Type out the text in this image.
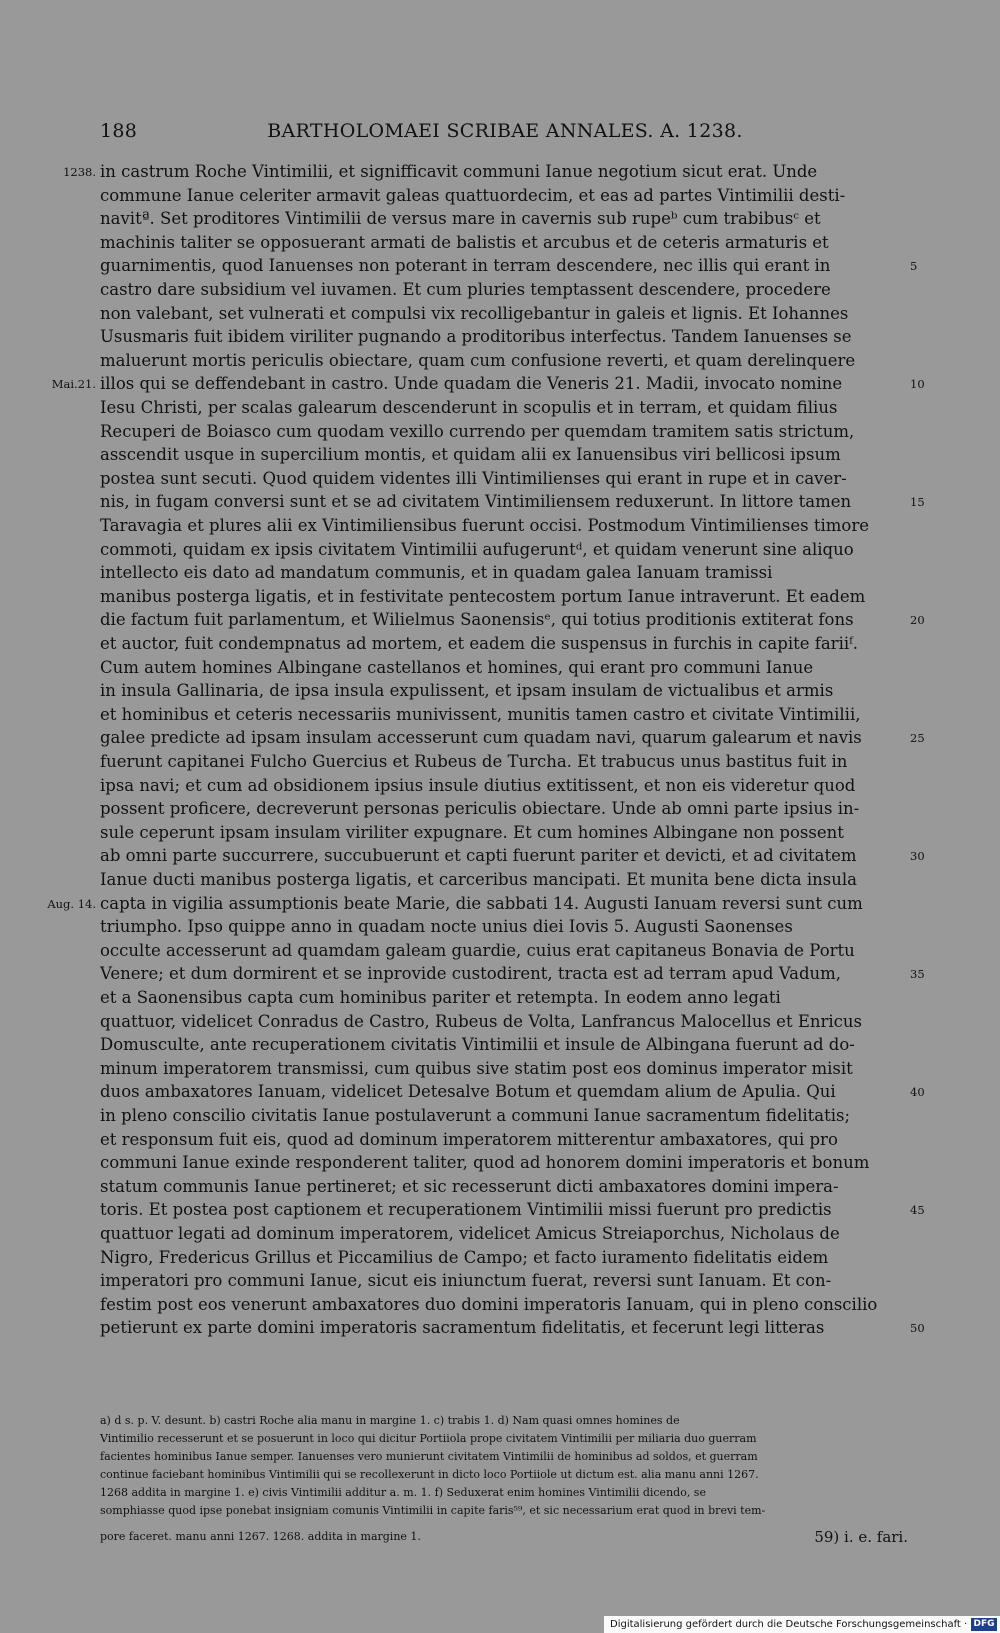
188	BARTHOLOMAEI SCRIBAE ANNALES. A. 1238.
in castrum Roche Vintimilii, et signifficavit communi Ianue negotium sicut erat. Unde
commune Ianue celeriter armavit galeas quattuordecim, et eas ad partes Vintimilii desti-
navitª. Set proditores Vintimilii de versus mare in cavernis sub rupeᵇ cum trabibusᶜ et
machinis taliter se opposuerant armati de balistis et arcubus et de ceteris armaturis et
guarnimentis, quod Ianuenses non poterant in terram descendere, nec illis qui erant in
castro dare subsidium vel iuvamen. Et cum pluries temptassent descendere, procedere
non valebant, set vulnerati et compulsi vix recolligebantur in galeis et lignis. Et Iohannes
Ususmaris fuit ibidem viriliter pugnando a proditoribus interfectus. Tandem Ianuenses se
maluerunt mortis periculis obiectare, quam cum confusione reverti, et quam derelinquere
illos qui se deffendebant in castro. Unde quadam die Veneris 21. Madii, invocato nomine
Iesu Christi, per scalas galearum descenderunt in scopulis et in terram, et quidam filius
Recuperi de Boiasco cum quodam vexillo currendo per quemdam tramitem satis strictum,
asscendit usque in supercilium montis, et quidam alii ex Ianuensibus viri bellicosi ipsum
postea sunt secuti. Quod quidem videntes illi Vintimilienses qui erant in rupe et in caver-
nis, in fugam conversi sunt et se ad civitatem Vintimiliensem reduxerunt. In littore tamen
Taravagia et plures alii ex Vintimiliensibus fuerunt occisi. Postmodum Vintimilienses timore
commoti, quidam ex ipsis civitatem Vintimilii aufugeruntᵈ, et quidam venerunt sine aliquo
intellecto eis dato ad mandatum communis, et in quadam galea Ianuam tramissi
manibus posterga ligatis, et in festivitate pentecostem portum Ianue intraverunt. Et eadem
die factum fuit parlamentum, et Wilielmus Saonensisᵉ, qui totius proditionis extiterat fons
et auctor, fuit condempnatus ad mortem, et eadem die suspensus in furchis in capite fariiᶠ.
Cum autem homines Albingane castellanos et homines, qui erant pro communi Ianue
in insula Gallinaria, de ipsa insula expulissent, et ipsam insulam de victualibus et armis
et hominibus et ceteris necessariis munivissent, munitis tamen castro et civitate Vintimilii,
galee predicte ad ipsam insulam accesserunt cum quadam navi, quarum galearum et navis
fuerunt capitanei Fulcho Guercius et Rubeus de Turcha. Et trabucus unus bastitus fuit in
ipsa navi; et cum ad obsidionem ipsius insule diutius extitissent, et non eis videretur quod
possent proficere, decreverunt personas periculis obiectare. Unde ab omni parte ipsius in-
sule ceperunt ipsam insulam viriliter expugnare. Et cum homines Albingane non possent
ab omni parte succurrere, succubuerunt et capti fuerunt pariter et devicti, et ad civitatem
Ianue ducti manibus posterga ligatis, et carceribus mancipati. Et munita bene dicta insula
capta in vigilia assumptionis beate Marie, die sabbati 14. Augusti Ianuam reversi sunt cum
triumpho. Ipso quippe anno in quadam nocte unius diei Iovis 5. Augusti Saonenses
occulte accesserunt ad quamdam galeam guardie, cuius erat capitaneus Bonavia de Portu
Venere; et dum dormirent et se inprovide custodirent, tracta est ad terram apud Vadum,
et a Saonensibus capta cum hominibus pariter et retempta. In eodem anno legati
quattuor, videlicet Conradus de Castro, Rubeus de Volta, Lanfrancus Malocellus et Enricus
Domusculte, ante recuperationem civitatis Vintimilii et insule de Albingana fuerunt ad do-
minum imperatorem transmissi, cum quibus sive statim post eos dominus imperator misit
duos ambaxatores Ianuam, videlicet Detesalve Botum et quemdam alium de Apulia. Qui
in pleno conscilio civitatis Ianue postulaverunt a communi Ianue sacramentum fidelitatis;
et responsum fuit eis, quod ad dominum imperatorem mitterentur ambaxatores, qui pro
communi Ianue exinde responderent taliter, quod ad honorem domini imperatoris et bonum
statum communis Ianue pertineret; et sic recesserunt dicti ambaxatores domini impera-
toris. Et postea post captionem et recuperationem Vintimilii missi fuerunt pro predictis
quattuor legati ad dominum imperatorem, videlicet Amicus Streiaporchus, Nicholaus de
Nigro, Fredericus Grillus et Piccamilius de Campo; et facto iuramento fidelitatis eidem
imperatori pro communi Ianue, sicut eis iniunctum fuerat, reversi sunt Ianuam. Et con-
festim post eos venerunt ambaxatores duo domini imperatoris Ianuam, qui in pleno conscilio
petierunt ex parte domini imperatoris sacramentum fidelitatis, et fecerunt legi litteras
1238.
Mai.21.
Aug. 14.
5
10
15
20
25
30
35
40
45
50
a) d s. p. V. desunt. b) castri Roche alia manu in margine 1. c) trabis 1. d) Nam quasi omnes homines de
Vintimilio recesserunt et se posuerunt in loco qui dicitur Portiiola prope civitatem Vintimilii per miliaria duo guerram
facientes hominibus Ianue semper. Ianuenses vero munierunt civitatem Vintimilii de hominibus ad soldos, et guerram
continue faciebant hominibus Vintimilii qui se recollexerunt in dicto loco Portiiole ut dictum est. alia manu anni 1267.
1268 addita in margine 1. e) civis Vintimilii additur a. m. 1. f) Seduxerat enim homines Vintimilii dicendo, se
somphiasse quod ipse ponebat insigniam comunis Vintimilii in capite faris⁵⁹, et sic necessarium erat quod in brevi tem-
pore faceret. manu anni 1267. 1268. addita in margine 1.	59) i. e. fari.
Digitalisierung gefördert durch die Deutsche Forschungsgemeinschaft · DFG
